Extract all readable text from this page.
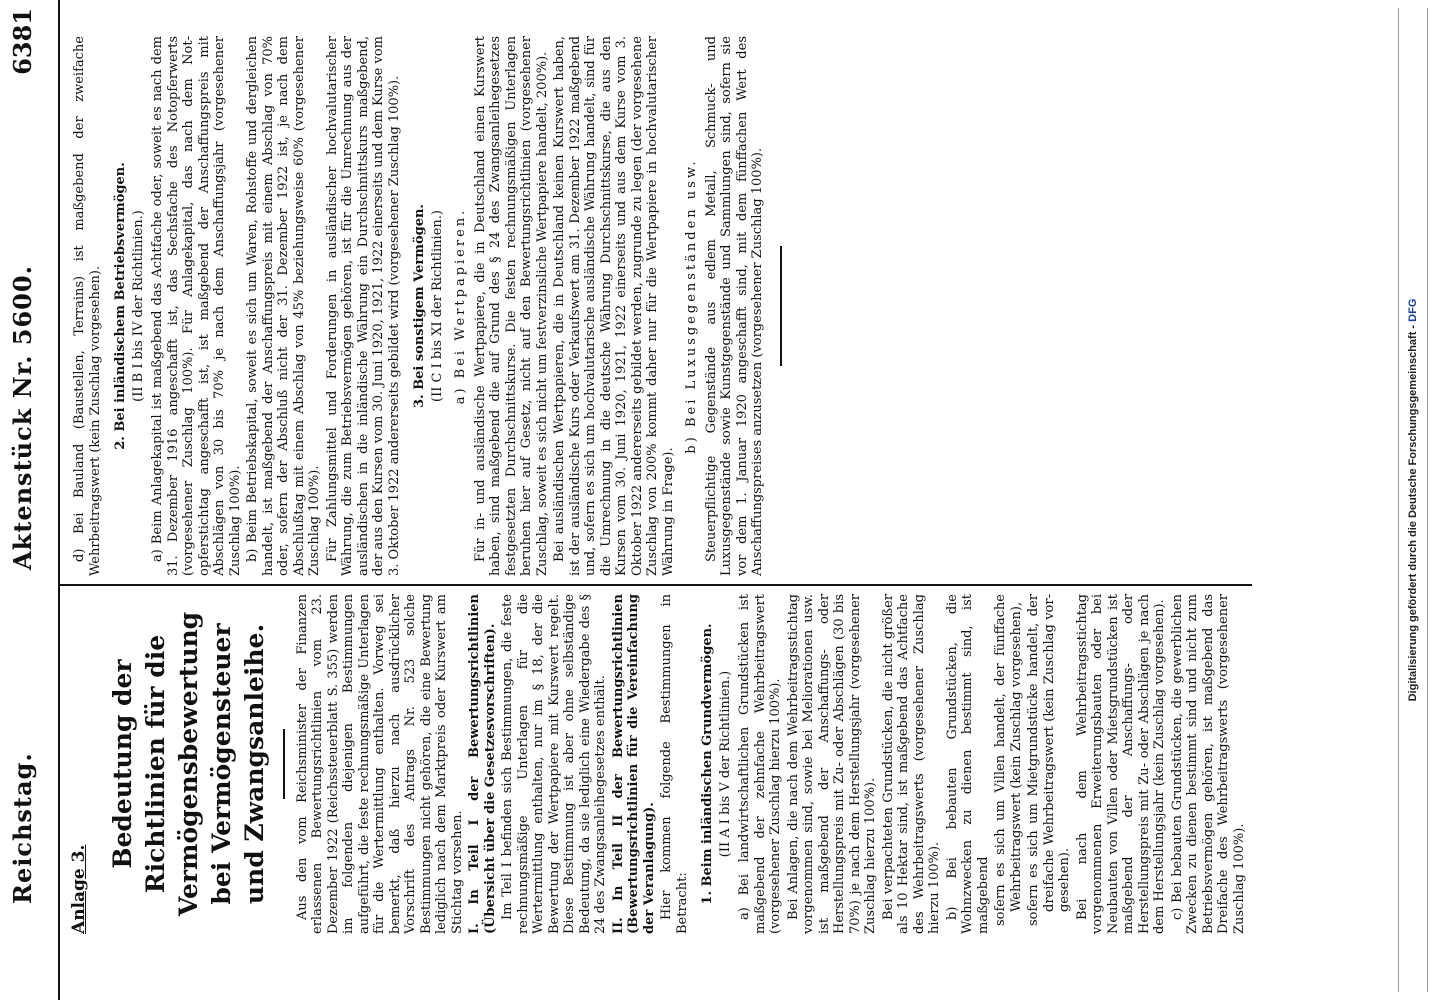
Reichstag.
Aktenstück Nr. 5600.
6381
Anlage 3.
Bedeutung der Richtlinien für die Vermögensbewertung bei Vermögensteuer und Zwangsanleihe. Aus den vom Reichsminister der Finanzen erlassenen Bewertungsrichtlinien vom 23. Dezember 1922 (Reichssteuerblatt S. 355) werden im folgenden diejenigen Bestimmungen aufgeführt, die feste rechnungsmäßige Unterlagen für die Wertermittlung enthalten. Vorweg sei bemerkt, daß hierzu nach ausdrücklicher Vorschrift des Antrags Nr. 523 solche Bestimmungen nicht gehören, die eine Bewertung lediglich nach dem Marktpreis oder Kurswert am Stichtag vorsehen. I. In Teil I der Bewertungsrichtlinien (Übersicht über die Gesetzesvorschriften). Im Teil I befinden sich Bestimmungen, die feste rechnungsmäßige Unterlagen für die Wertermittlung enthalten, nur im § 18, der die Bewertung der Wertpapiere mit Kurswert regelt. Diese Bestimmung ist aber ohne selbständige Bedeutung, da sie lediglich eine Wiedergabe des § 24 des Zwangsanleihegesetzes enthält. II. In Teil II der Bewertungsrichtlinien (Bewertungsrichtlinien für die Vereinfachung der Veranlagung). Hier kommen folgende Bestimmungen in Betracht: 1. Beim inländischen Grundvermögen. (II A I bis V der Richtlinien.) a) Bei landwirtschaftlichen Grundstücken ist maßgebend der zehnfache Wehrbeitragswert (vorgesehener Zuschlag hierzu 100%). Bei Anlagen, die nach dem Wehrbeitragsstichtag vorgenommen sind, sowie bei Meliorationen usw. ist maßgebend der Anschaffungs- oder Herstellungspreis mit Zu- oder Abschlägen (30 bis 70%) je nach dem Herstellungsjahr (vorgesehener Zuschlag hierzu 100%). Bei verpachteten Grundstücken, die nicht größer als 10 Hektar sind, ist maßgebend das Achtfache des Wehrbeitragswerts (vorgesehener Zuschlag hierzu 100%). b) Bei bebauten Grundstücken, die Wohnzwecken zu dienen bestimmt sind, ist maßgebend sofern es sich um Villen handelt, der fünffache Wehrbeitragswert (kein Zuschlag vorgesehen), sofern es sich um Mietgrundstücke handelt, der dreifache Wehrbeitragswert (kein Zuschlag vorgesehen). Bei nach dem Wehrbeitragsstichtag vorgenommenen Erweiterungsbauten oder bei Neubauten von Villen oder Mietsgrundstücken ist maßgebend der Anschaffungs- oder Herstellungspreis mit Zu- oder Abschlägen je nach dem Herstellungsjahr (kein Zuschlag vorgesehen). c) Bei bebauten Grundstücken, die gewerblichen Zwecken zu dienen bestimmt sind und nicht zum Betriebsvermögen gehören, ist maßgebend das Dreifache des Wehrbeitragswerts (vorgesehener Zuschlag 100%).

d) Bei Bauland (Baustellen, Terrains) ist maßgebend der zweifache Wehrbeitragswert (kein Zuschlag vorgesehen). 2. Bei inländischem Betriebsvermögen. (II B I bis IV der Richtlinien.) a) Beim Anlagekapital ist maßgebend das Achtfache oder, soweit es nach dem 31. Dezember 1916 angeschafft ist, das Sechsfache des Notopferwerts (vorgesehener Zuschlag 100%). Für Anlagekapital, das nach dem Notopferstichtag angeschafft ist, ist maßgebend der Anschaffungspreis mit Abschlägen von 30 bis 70% je nach dem Anschaffungsjahr (vorgesehener Zuschlag 100%). b) Beim Betriebskapital, soweit es sich um Waren, Rohstoffe und dergleichen handelt, ist maßgebend der Anschaffungspreis mit einem Abschlag von 70% oder, sofern der Abschluß nicht der 31. Dezember 1922 ist, je nach dem Abschlußtag mit einem Abschlag von 45% beziehungsweise 60% (vorgesehener Zuschlag 100%). Für Zahlungsmittel und Forderungen in ausländischer hochvalutarischer Währung, die zum Betriebsvermögen gehören, ist für die Umrechnung aus der ausländischen in die inländische Währung ein Durchschnittskurs maßgebend, der aus den Kursen vom 30. Juni 1920, 1921, 1922 einerseits und dem Kurse vom 3. Oktober 1922 andererseits gebildet wird (vorgesehener Zuschlag 100%). 3. Bei sonstigem Vermögen. (II C I bis XI der Richtlinien.) a) Bei Wertpapieren. Für in- und ausländische Wertpapiere, die in Deutschland einen Kurswert haben, sind maßgebend die auf Grund des § 24 des Zwangsanleihegesetzes festgesetzten Durchschnittskurse. Die festen rechnungsmäßigen Unterlagen beruhen hier auf Gesetz, nicht auf den Bewertungsrichtlinien (vorgesehener Zuschlag, soweit es sich nicht um festverzinsliche Wertpapiere handelt, 200%). Bei ausländischen Wertpapieren, die in Deutschland keinen Kurswert haben, ist der ausländische Kurs oder Verkaufswert am 31. Dezember 1922 maßgebend und, sofern es sich um hochvalutarische ausländische Währung handelt, sind für die Umrechnung in die deutsche Währung Durchschnittskurse, die aus den Kursen vom 30. Juni 1920, 1921, 1922 einerseits und aus dem Kurse vom 3. Oktober 1922 andererseits gebildet werden, zugrunde zu legen (der vorgesehene Zuschlag von 200% kommt daher nur für die Wertpapiere in hochvalutarischer Währung in Frage).

b) Bei Luxusgegenständen usw. Steuerpflichtige Gegenstände aus edlem Metall, Schmuck- und Luxusgegenstände sowie Kunstgegenstände und Sammlungen sind, sofern sie vor dem 1. Januar 1920 angeschafft sind, mit dem fünffachen Wert des Anschaffungspreises anzusetzen (vorgesehener Zuschlag 100%).	Digitalisierung gefördert durch die Deutsche Forschungsgemeinschaft - DFG
